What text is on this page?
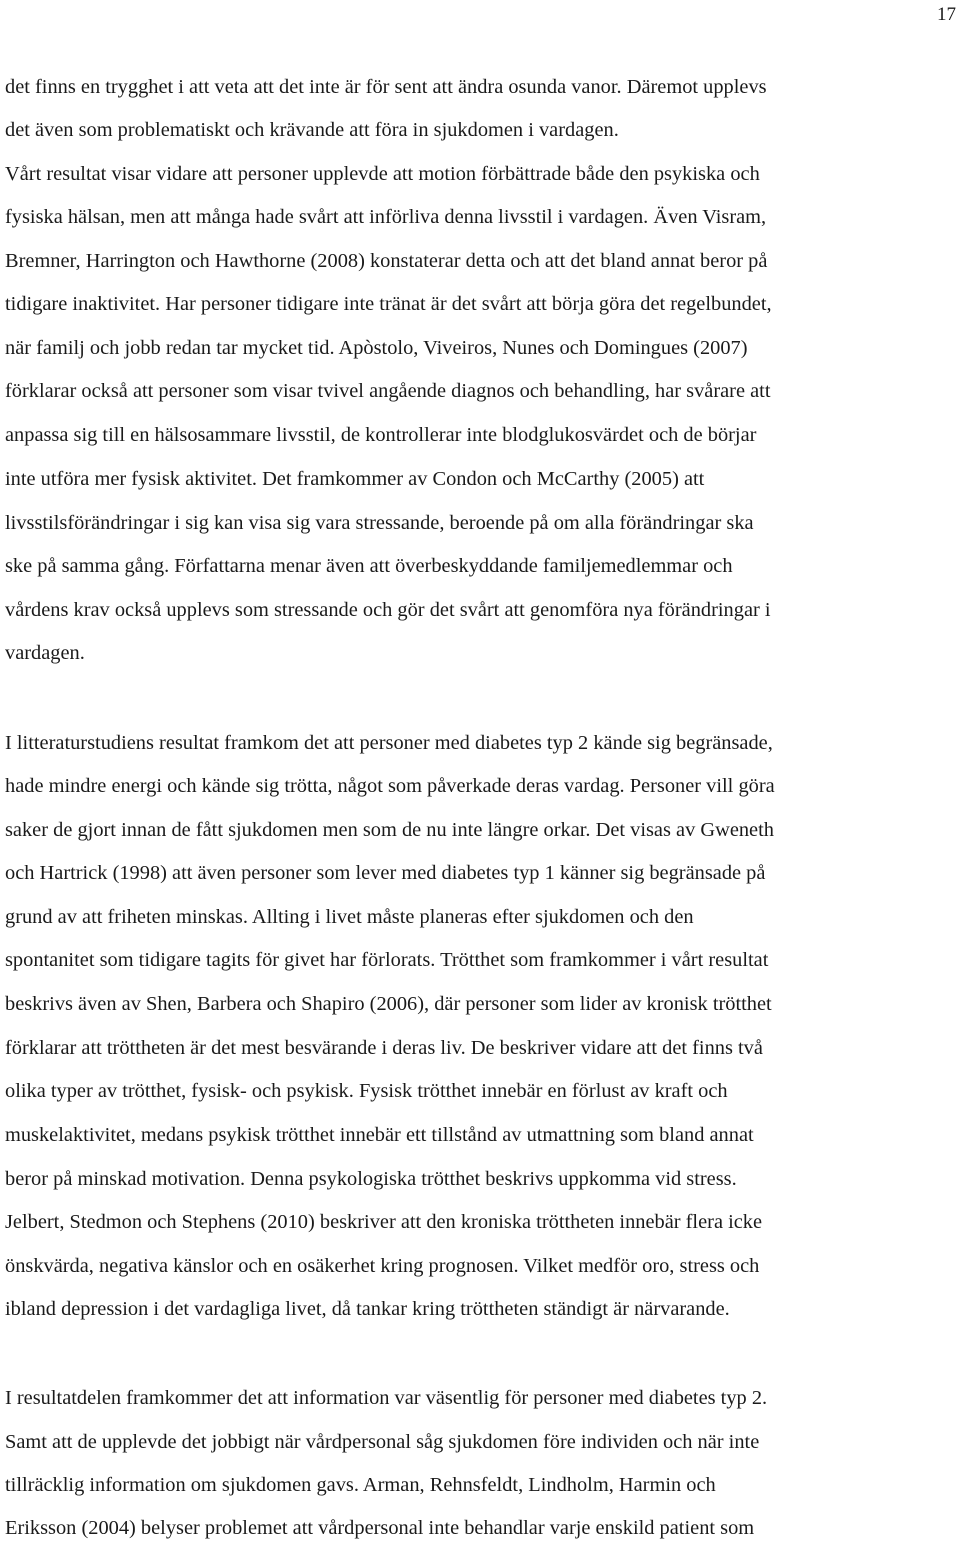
17
det finns en trygghet i att veta att det inte är för sent att ändra osunda vanor. Däremot upplevs
det även som problematiskt och krävande att föra in sjukdomen i vardagen.
Vårt resultat visar vidare att personer upplevde att motion förbättrade både den psykiska och
fysiska hälsan, men att många hade svårt att införliva denna livsstil i vardagen. Även Visram,
Bremner, Harrington och Hawthorne (2008) konstaterar detta och att det bland annat beror på
tidigare inaktivitet. Har personer tidigare inte tränat är det svårt att börja göra det regelbundet,
när familj och jobb redan tar mycket tid. Apòstolo, Viveiros, Nunes och Domingues (2007)
förklarar också att personer som visar tvivel angående diagnos och behandling, har svårare att
anpassa sig till en hälsosammare livsstil, de kontrollerar inte blodglukosvärdet och de börjar
inte utföra mer fysisk aktivitet. Det framkommer av Condon och McCarthy (2005) att
livsstilsförändringar i sig kan visa sig vara stressande, beroende på om alla förändringar ska
ske på samma gång. Författarna menar även att överbeskyddande familjemedlemmar och
vårdens krav också upplevs som stressande och gör det svårt att genomföra nya förändringar i
vardagen.
I litteraturstudiens resultat framkom det att personer med diabetes typ 2 kände sig begränsade,
hade mindre energi och kände sig trötta, något som påverkade deras vardag. Personer vill göra
saker de gjort innan de fått sjukdomen men som de nu inte längre orkar. Det visas av Gweneth
och Hartrick (1998) att även personer som lever med diabetes typ 1 känner sig begränsade på
grund av att friheten minskas. Allting i livet måste planeras efter sjukdomen och den
spontanitet som tidigare tagits för givet har förlorats. Trötthet som framkommer i vårt resultat
beskrivs även av Shen, Barbera och Shapiro (2006), där personer som lider av kronisk trötthet
förklarar att tröttheten är det mest besvärande i deras liv. De beskriver vidare att det finns två
olika typer av trötthet, fysisk- och psykisk. Fysisk trötthet innebär en förlust av kraft och
muskelaktivitet, medans psykisk trötthet innebär ett tillstånd av utmattning som bland annat
beror på minskad motivation. Denna psykologiska trötthet beskrivs uppkomma vid stress.
Jelbert, Stedmon och Stephens (2010) beskriver att den kroniska tröttheten innebär flera icke
önskvärda, negativa känslor och en osäkerhet kring prognosen. Vilket medför oro, stress och
ibland depression i det vardagliga livet, då tankar kring tröttheten ständigt är närvarande.
I resultatdelen framkommer det att information var väsentlig för personer med diabetes typ 2.
Samt att de upplevde det jobbigt när vårdpersonal såg sjukdomen före individen och när inte
tillräcklig information om sjukdomen gavs. Arman, Rehnsfeldt, Lindholm, Harmin och
Eriksson (2004) belyser problemet att vårdpersonal inte behandlar varje enskild patient som
